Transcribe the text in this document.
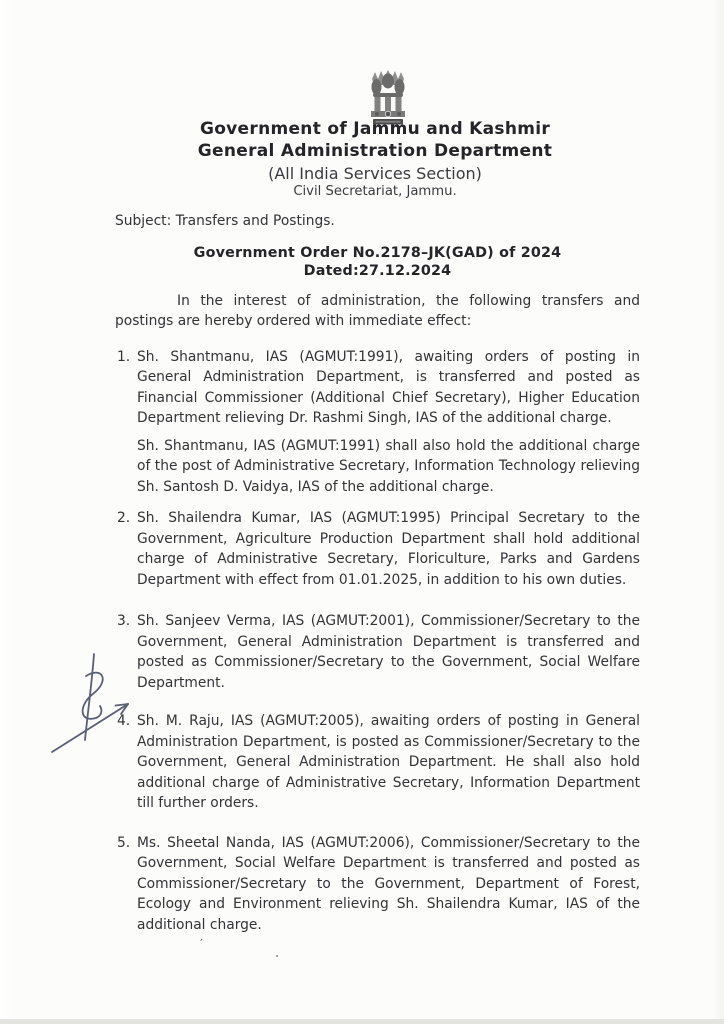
Government of Jammu and Kashmir
General Administration Department
(All India Services Section)
Civil Secretariat, Jammu.
Subject: Transfers and Postings.
Government Order No.2178–JK(GAD) of 2024
Dated:27.12.2024

In the interest of administration, the following transfers and postings are hereby ordered with immediate effect:

1. Sh. Shantmanu, IAS (AGMUT:1991), awaiting orders of posting in General Administration Department, is transferred and posted as Financial Commissioner (Additional Chief Secretary), Higher Education Department relieving Dr. Rashmi Singh, IAS of the additional charge.
Sh. Shantmanu, IAS (AGMUT:1991) shall also hold the additional charge of the post of Administrative Secretary, Information Technology relieving Sh. Santosh D. Vaidya, IAS of the additional charge.
2. Sh. Shailendra Kumar, IAS (AGMUT:1995) Principal Secretary to the Government, Agriculture Production Department shall hold additional charge of Administrative Secretary, Floriculture, Parks and Gardens Department with effect from 01.01.2025, in addition to his own duties.
3. Sh. Sanjeev Verma, IAS (AGMUT:2001), Commissioner/Secretary to the Government, General Administration Department is transferred and posted as Commissioner/Secretary to the Government, Social Welfare Department.
4. Sh. M. Raju, IAS (AGMUT:2005), awaiting orders of posting in General Administration Department, is posted as Commissioner/Secretary to the Government, General Administration Department. He shall also hold additional charge of Administrative Secretary, Information Department till further orders.
5. Ms. Sheetal Nanda, IAS (AGMUT:2006), Commissioner/Secretary to the Government, Social Welfare Department is transferred and posted as Commissioner/Secretary to the Government, Department of Forest, Ecology and Environment relieving Sh. Shailendra Kumar, IAS of the additional charge.
’
